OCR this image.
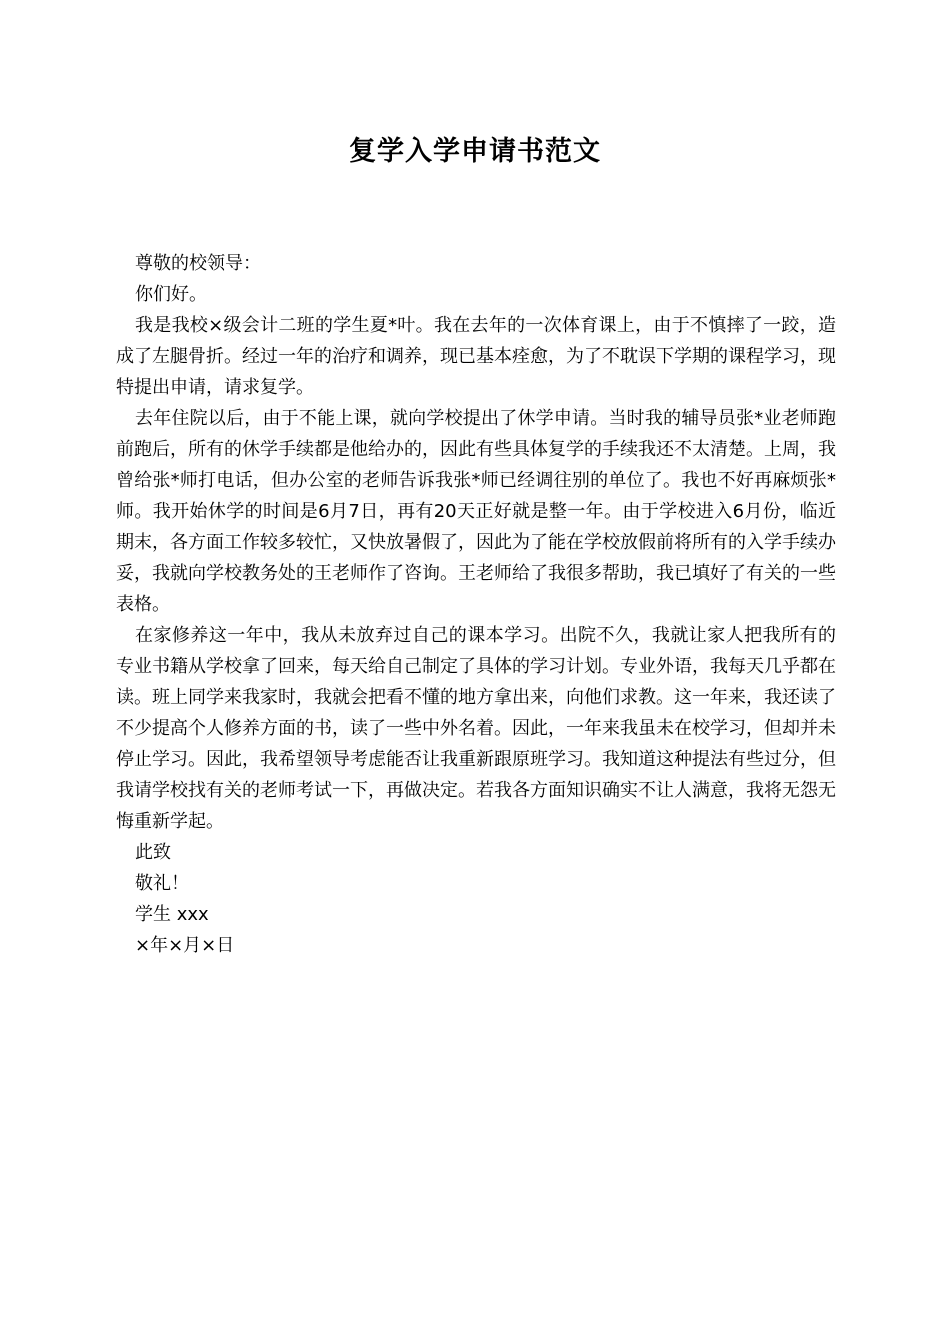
复学入学申请书范文

尊敬的校领导：

你们好。

我是我校×级会计二班的学生夏*叶。我在去年的一次体育课上，由于不慎摔了一跤，造成了左腿骨折。经过一年的治疗和调养，现已基本痊愈，为了不耽误下学期的课程学习，现特提出申请，请求复学。

去年住院以后，由于不能上课，就向学校提出了休学申请。当时我的辅导员张*业老师跑前跑后，所有的休学手续都是他给办的，因此有些具体复学的手续我还不太清楚。上周，我曾给张*师打电话，但办公室的老师告诉我张*师已经调往别的单位了。我也不好再麻烦张*师。我开始休学的时间是6月7日，再有20天正好就是整一年。由于学校进入6月份，临近期末，各方面工作较多较忙，又快放暑假了，因此为了能在学校放假前将所有的入学手续办妥，我就向学校教务处的王老师作了咨询。王老师给了我很多帮助，我已填好了有关的一些表格。

在家修养这一年中，我从未放弃过自己的课本学习。出院不久，我就让家人把我所有的专业书籍从学校拿了回来，每天给自己制定了具体的学习计划。专业外语，我每天几乎都在读。班上同学来我家时，我就会把看不懂的地方拿出来，向他们求教。这一年来，我还读了不少提高个人修养方面的书，读了一些中外名着。因此，一年来我虽未在校学习，但却并未停止学习。因此，我希望领导考虑能否让我重新跟原班学习。我知道这种提法有些过分，但我请学校找有关的老师考试一下，再做决定。若我各方面知识确实不让人满意，我将无怨无悔重新学起。

此致

敬礼！

学生 xxx

×年×月×日
